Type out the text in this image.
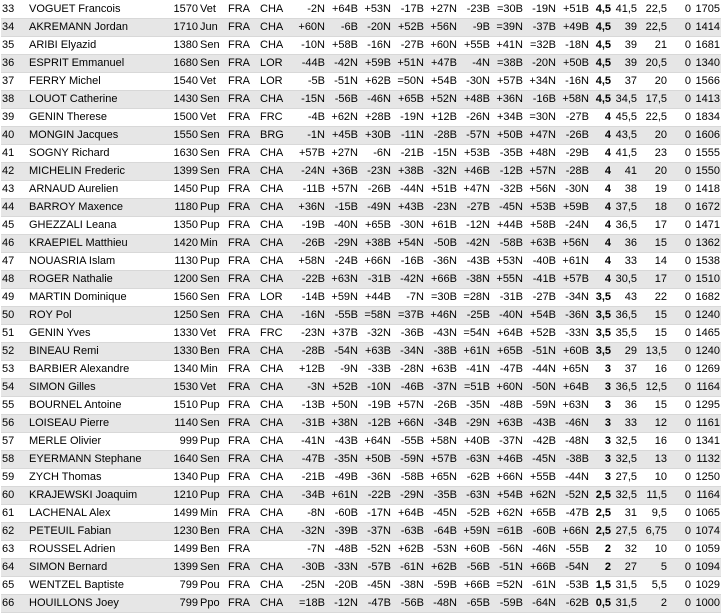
33	VOGUET Francois	1570	Vet	FRA	CHA	-2N	+64B	+53N	-17B	+27N	-23B	=30B	-19N	+51B	4,5	41,5	22,5	0	1705
34	AKREMANN Jordan	1710	Jun	FRA	CHA	+60N	-6B	-20N	+52B	+56N	-9B	=39N	-37B	+49B	4,5	39	22,5	0	1414
35	ARIBI Elyazid	1380	Sen	FRA	CHA	-10N	+58B	-16N	-27B	+60N	+55B	+41N	=32B	-18N	4,5	39	21	0	1681
36	ESPRIT Emmanuel	1680	Sen	FRA	LOR	-44B	-42N	+59B	+51N	+47B	-4N	=38B	-20N	+50B	4,5	39	20,5	0	1340
37	FERRY Michel	1540	Vet	FRA	LOR	-5B	-51N	+62B	=50N	+54B	-30N	+57B	+34N	-16N	4,5	37	20	0	1566
38	LOUOT Catherine	1430	Sen	FRA	CHA	-15N	-56B	-46N	+65B	+52N	+48B	+36N	-16B	+58N	4,5	34,5	17,5	0	1413
39	GENIN Therese	1500	Vet	FRA	FRC	-4B	+62N	+28B	-19N	+12B	-26N	+34B	=30N	-27B	4	45,5	22,5	0	1834
40	MONGIN Jacques	1550	Sen	FRA	BRG	-1N	+45B	+30B	-11N	-28B	-57N	+50B	+47N	-26B	4	43,5	20	0	1606
41	SOGNY Richard	1630	Sen	FRA	CHA	+57B	+27N	-6N	-21B	-15N	+53B	-35B	+48N	-29B	4	41,5	23	0	1555
42	MICHELIN Frederic	1399	Sen	FRA	CHA	-24N	+36B	-23N	+38B	-32N	+46B	-12B	+57N	-28B	4	41	20	0	1550
43	ARNAUD Aurelien	1450	Pup	FRA	CHA	-11B	+57N	-26B	-44N	+51B	+47N	-32B	+56N	-30N	4	38	19	0	1418
44	BARROY Maxence	1180	Pup	FRA	CHA	+36N	-15B	-49N	+43B	-23N	-27B	-45N	+53B	+59B	4	37,5	18	0	1672
45	GHEZZALI Leana	1350	Pup	FRA	CHA	-19B	-40N	+65B	-30N	+61B	-12N	+44B	+58B	-24N	4	36,5	17	0	1471
46	KRAEPIEL Matthieu	1420	Min	FRA	CHA	-26B	-29N	+38B	+54N	-50B	-42N	-58B	+63B	+56N	4	36	15	0	1362
47	NOUASRIA Islam	1130	Pup	FRA	CHA	+58N	-24B	+66N	-16B	-36N	-43B	+53N	-40B	+61N	4	33	14	0	1538
48	ROGER Nathalie	1200	Sen	FRA	CHA	-22B	+63N	-31B	-42N	+66B	-38N	+55N	-41B	+57B	4	30,5	17	0	1510
49	MARTIN Dominique	1560	Sen	FRA	LOR	-14B	+59N	+44B	-7N	=30B	=28N	-31B	-27B	-34N	3,5	43	22	0	1682
50	ROY Pol	1250	Sen	FRA	CHA	-16N	-55B	=58N	=37B	+46N	-25B	-40N	+54B	-36N	3,5	36,5	15	0	1240
51	GENIN Yves	1330	Vet	FRA	FRC	-23N	+37B	-32N	-36B	-43N	=54N	+64B	+52B	-33N	3,5	35,5	15	0	1465
52	BINEAU Remi	1330	Ben	FRA	CHA	-28B	-54N	+63B	-34N	-38B	+61N	+65B	-51N	+60B	3,5	29	13,5	0	1240
53	BARBIER Alexandre	1340	Min	FRA	CHA	+12B	-9N	-33B	-28N	+63B	-41N	-47B	-44N	+65N	3	37	16	0	1269
54	SIMON Gilles	1530	Vet	FRA	CHA	-3N	+52B	-10N	-46B	-37N	=51B	+60N	-50N	+64B	3	36,5	12,5	0	1164
55	BOURNEL Antoine	1510	Pup	FRA	CHA	-13B	+50N	-19B	+57N	-26B	-35N	-48B	-59N	+63N	3	36	15	0	1295
56	LOISEAU Pierre	1140	Sen	FRA	CHA	-31B	+38N	-12B	+66N	-34B	-29N	+63B	-43B	-46N	3	33	12	0	1161
57	MERLE Olivier	999	Pup	FRA	CHA	-41N	-43B	+64N	-55B	+58N	+40B	-37N	-42B	-48N	3	32,5	16	0	1341
58	EYERMANN Stephane	1640	Sen	FRA	CHA	-47B	-35N	+50B	-59N	+57B	-63N	+46B	-45N	-38B	3	32,5	13	0	1132
59	ZYCH Thomas	1340	Pup	FRA	CHA	-21B	-49B	-36N	-58B	+65N	-62B	+66N	+55B	-44N	3	27,5	10	0	1250
60	KRAJEWSKI Joaquim	1210	Pup	FRA	CHA	-34B	+61N	-22B	-29N	-35B	-63N	+54B	+62N	-52N	2,5	32,5	11,5	0	1164
61	LACHENAL Alex	1499	Min	FRA	CHA	-8N	-60B	-17N	+64B	-45N	-52B	+62N	+65B	-47B	2,5	31	9,5	0	1065
62	PETEUIL Fabian	1230	Ben	FRA	CHA	-32N	-39B	-37N	-63B	-64B	+59N	=61B	-60B	+66N	2,5	27,5	6,75	0	1074
63	ROUSSEL Adrien	1499	Ben	FRA		-7N	-48B	-52N	+62B	-53N	+60B	-56N	-46N	-55B	2	32	10	0	1059
64	SIMON Bernard	1399	Sen	FRA	CHA	-30B	-33N	-57B	-61N	+62B	-56B	-51N	+66B	-54N	2	27	5	0	1094
65	WENTZEL Baptiste	799	Pou	FRA	CHA	-25N	-20B	-45N	-38N	-59B	+66B	=52N	-61N	-53B	1,5	31,5	5,5	0	1029
66	HOUILLONS Joey	799	Ppo	FRA	CHA	=18B	-12N	-47B	-56B	-48N	-65B	-59B	-64N	-62B	0,5	31,5	2	0	1000
